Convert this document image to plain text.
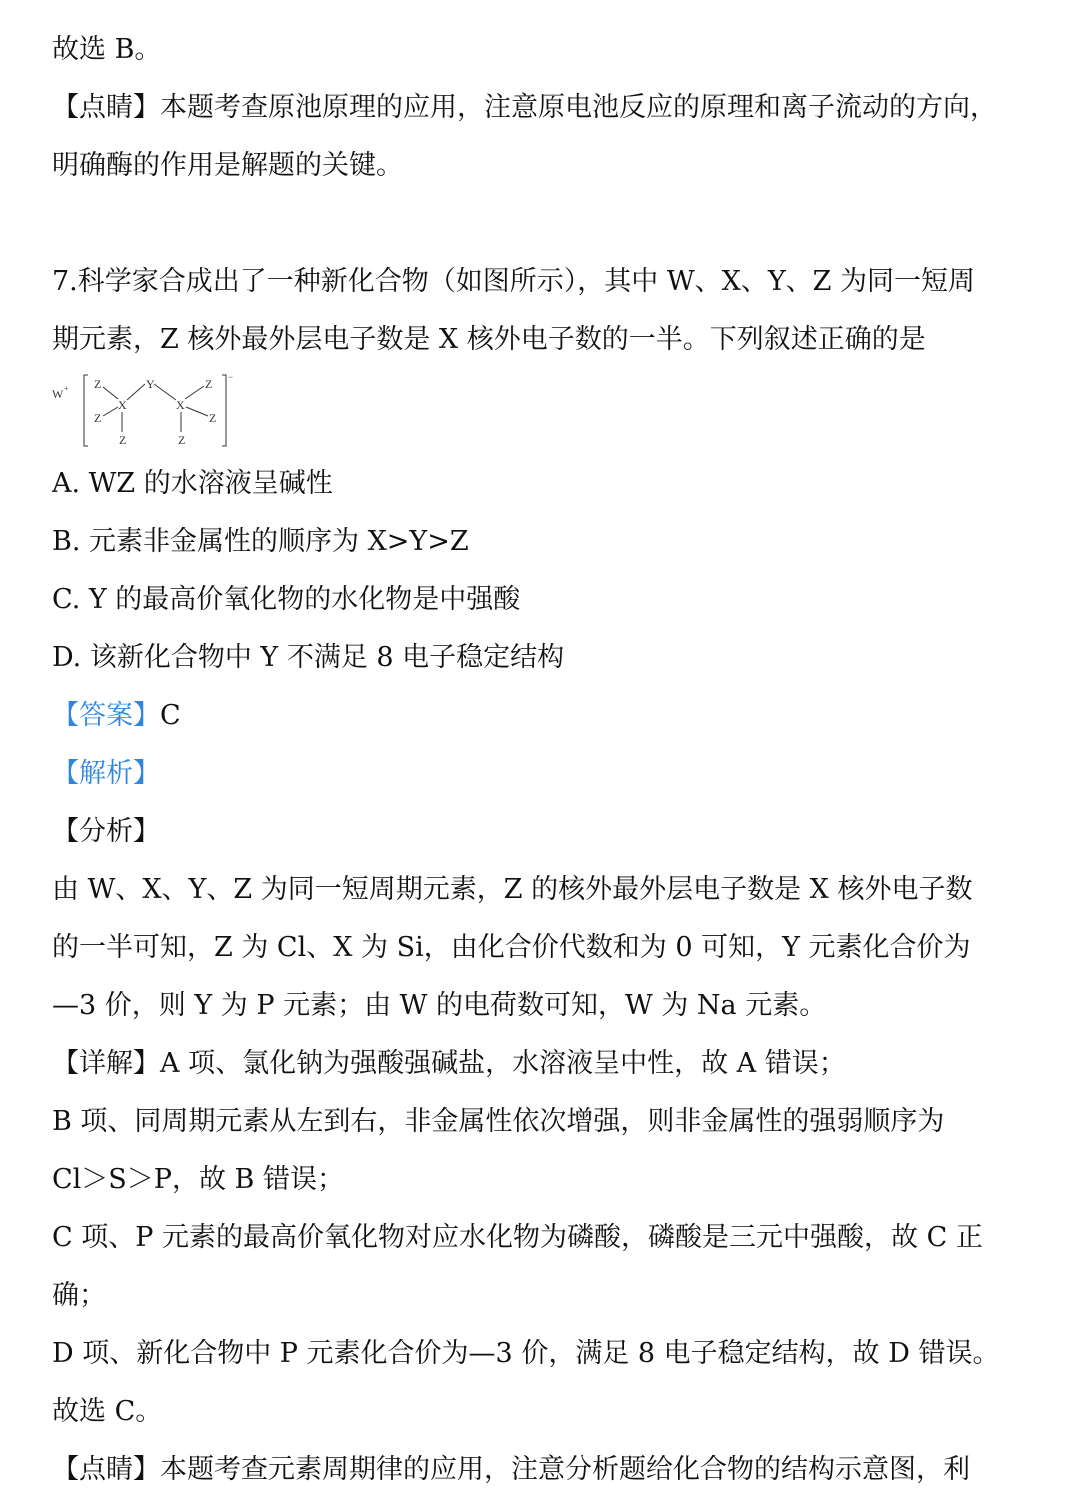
故选 B。
【点睛】本题考查原池原理的应用，注意原电池反应的原理和离子流动的方向，
明确酶的作用是解题的关键。
7.科学家合成出了一种新化合物（如图所示），其中 W、X、Y、Z 为同一短周
期元素，Z 核外最外层电子数是 X 核外电子数的一半。下列叙述正确的是
W + Z
Z
Z
X
Y
X
Z
Z
Z
−
A. WZ 的水溶液呈碱性
B. 元素非金属性的顺序为 X>Y>Z
C. Y 的最高价氧化物的水化物是中强酸
D. 该新化合物中 Y 不满足 8 电子稳定结构
【答案】C
【解析】
【分析】
由 W、X、Y、Z 为同一短周期元素，Z 的核外最外层电子数是 X 核外电子数
的一半可知，Z 为 Cl、X 为 Si，由化合价代数和为 0 可知，Y 元素化合价为
—3 价，则 Y 为 P 元素；由 W 的电荷数可知，W 为 Na 元素。
【详解】A 项、氯化钠为强酸强碱盐，水溶液呈中性，故 A 错误；
B 项、同周期元素从左到右，非金属性依次增强，则非金属性的强弱顺序为
Cl＞S＞P，故 B 错误；
C 项、P 元素的最高价氧化物对应水化物为磷酸，磷酸是三元中强酸，故 C 正
确；
D 项、新化合物中 P 元素化合价为—3 价，满足 8 电子稳定结构，故 D 错误。
故选 C。
【点睛】本题考查元素周期律的应用，注意分析题给化合物的结构示意图，利
